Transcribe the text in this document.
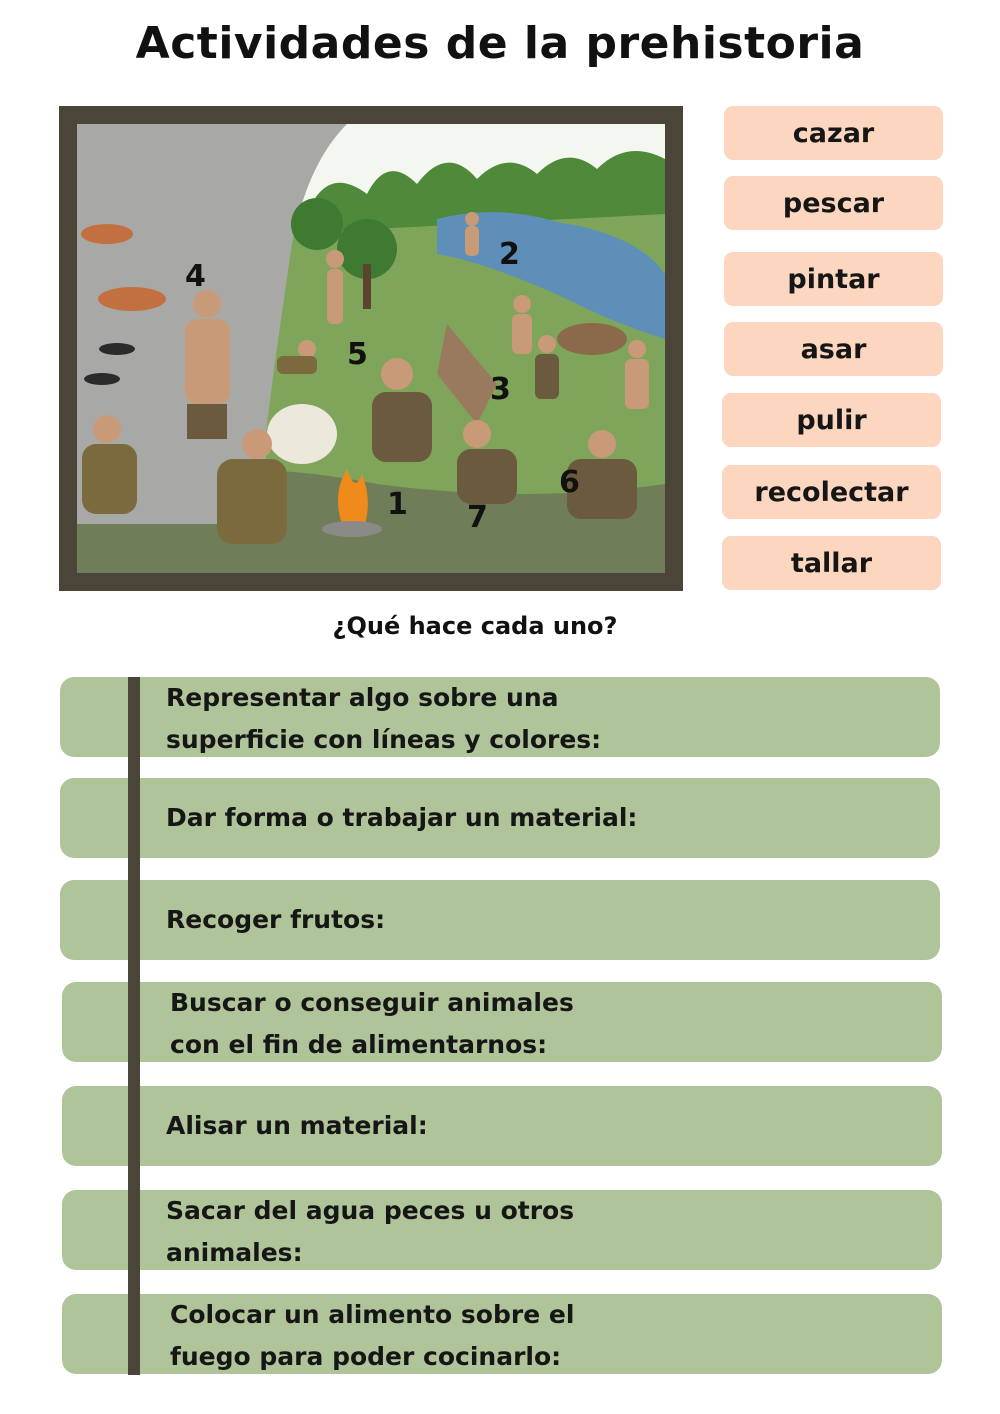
Actividades de la prehistoria
1
2
3
4
5
6
7
cazar
pescar
pintar
asar
pulir
recolectar
tallar
¿Qué hace cada uno?
Representar algo sobre una
superficie con líneas y colores:
Dar forma o trabajar un material:
Recoger frutos:
Buscar o conseguir animales
con el fin de alimentarnos:
Alisar un material:
Sacar del agua peces u otros
animales:
Colocar un alimento sobre el
fuego para poder cocinarlo:
